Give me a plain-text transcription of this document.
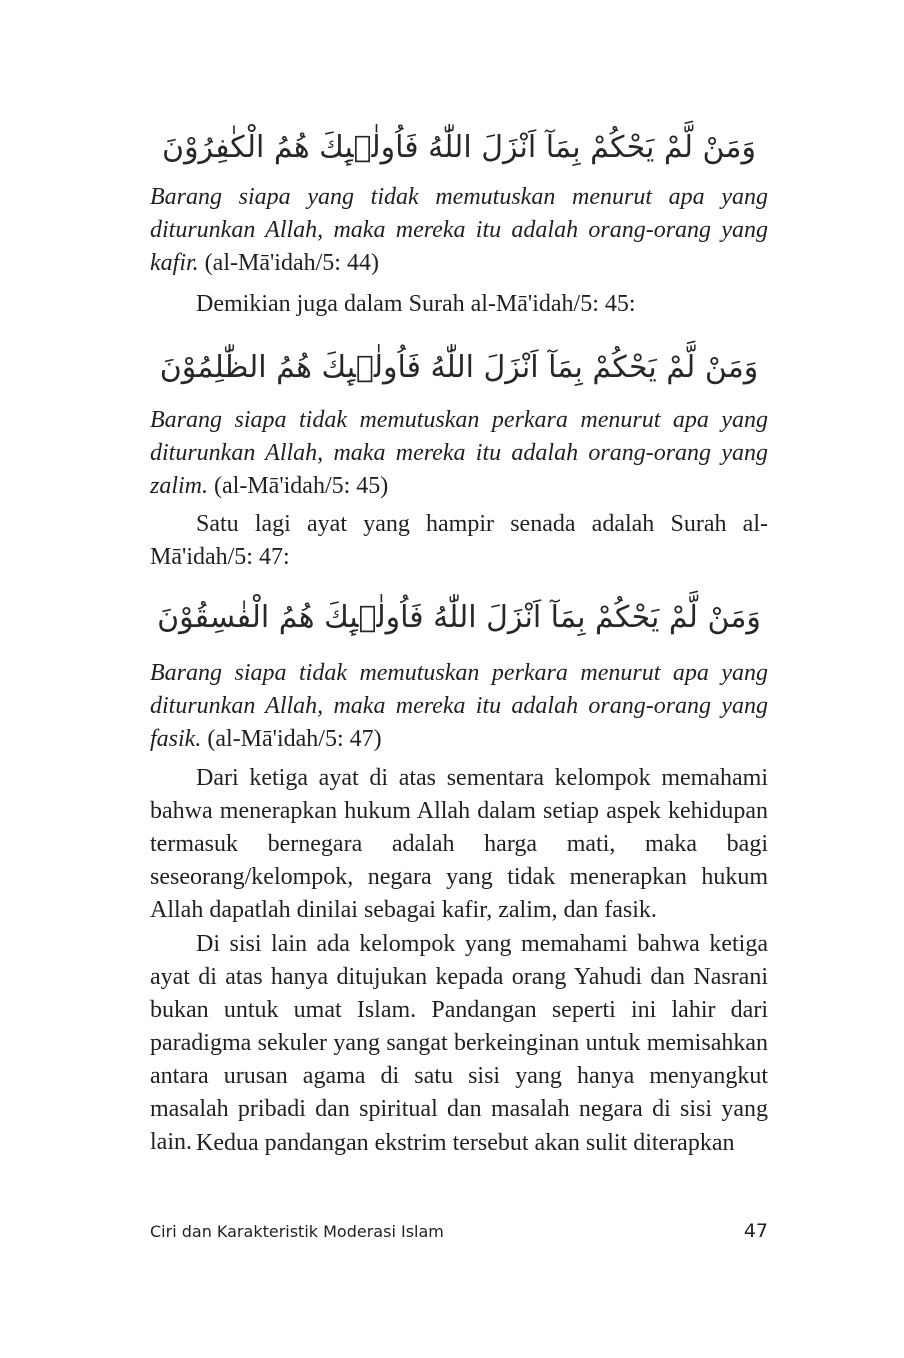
وَمَنْ لَّمْ يَحْكُمْ بِمَآ اَنْزَلَ اللّٰهُ فَاُولٰۤىِٕكَ هُمُ الْكٰفِرُوْنَ
Barang siapa yang tidak memutuskan menurut apa yang diturunkan Allah, maka mereka itu adalah orang-orang yang kafir. (al-Mā'idah/5: 44)
Demikian juga dalam Surah al-Mā'idah/5: 45:
وَمَنْ لَّمْ يَحْكُمْ بِمَآ اَنْزَلَ اللّٰهُ فَاُولٰۤىِٕكَ هُمُ الظّٰلِمُوْنَ
Barang siapa tidak memutuskan perkara menurut apa yang diturunkan Allah, maka mereka itu adalah orang-orang yang zalim. (al-Mā'idah/5: 45)
Satu lagi ayat yang hampir senada adalah Surah al-Mā'idah/5: 47:
وَمَنْ لَّمْ يَحْكُمْ بِمَآ اَنْزَلَ اللّٰهُ فَاُولٰۤىِٕكَ هُمُ الْفٰسِقُوْنَ
Barang siapa tidak memutuskan perkara menurut apa yang diturunkan Allah, maka mereka itu adalah orang-orang yang fasik. (al-Mā'idah/5: 47)
Dari ketiga ayat di atas sementara kelompok memahami bahwa menerapkan hukum Allah dalam setiap aspek kehidupan termasuk bernegara adalah harga mati, maka bagi seseorang/kelompok, negara yang tidak menerapkan hukum Allah dapatlah dinilai sebagai kafir, zalim, dan fasik.
Di sisi lain ada kelompok yang memahami bahwa ketiga ayat di atas hanya ditujukan kepada orang Yahudi dan Nasrani bukan untuk umat Islam. Pandangan seperti ini lahir dari paradigma sekuler yang sangat berkeinginan untuk memisahkan antara urusan agama di satu sisi yang hanya menyangkut masalah pribadi dan spiritual dan masalah negara di sisi yang lain. Kedua pandangan ekstrim tersebut akan sulit diterapkan
Ciri dan Karakteristik Moderasi Islam	47
